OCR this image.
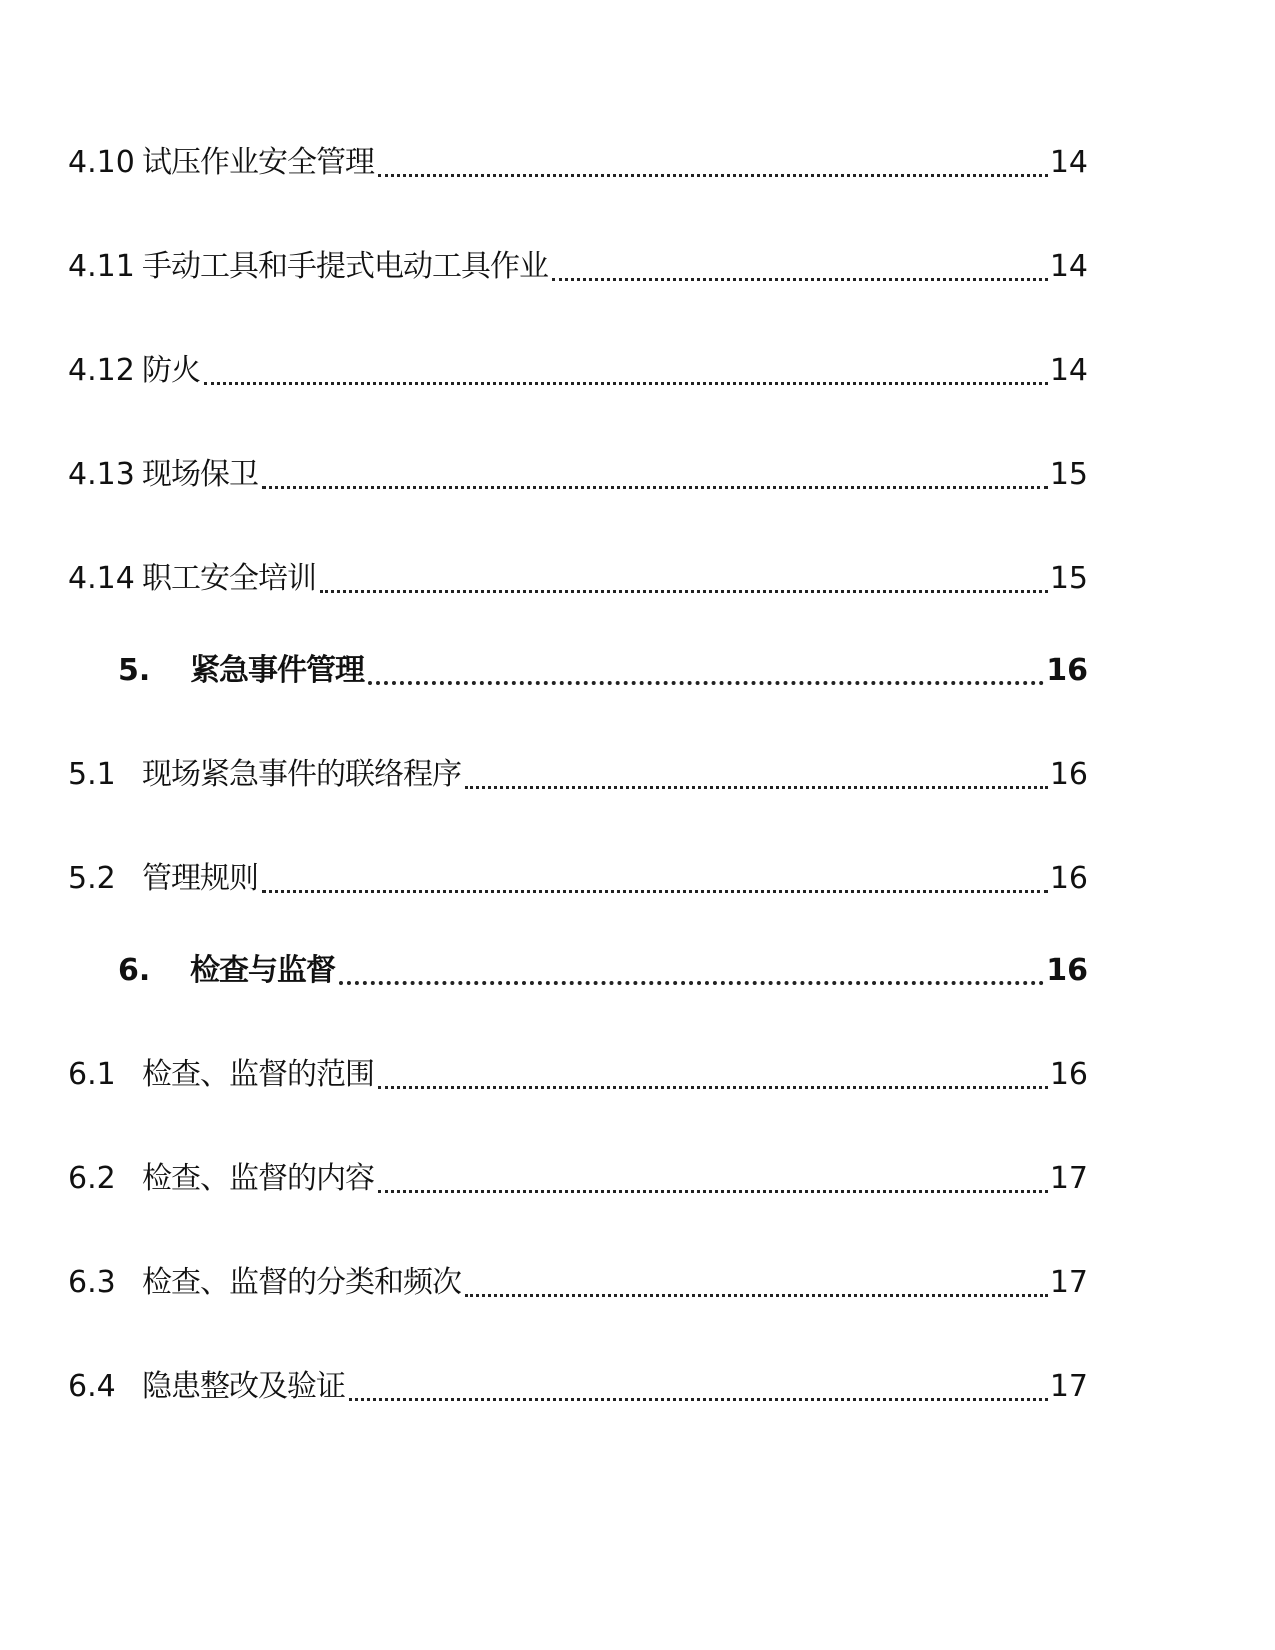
4.10 试压作业安全管理	14
4.11 手动工具和手提式电动工具作业	14
4.12 防火	14
4.13 现场保卫	15
4.14 职工安全培训	15
5.	紧急事件管理	16
5.1 现场紧急事件的联络程序	16
5.2 管理规则	16
6.	检查与监督	16
6.1 检查、监督的范围	16
6.2 检查、监督的内容	17
6.3 检查、监督的分类和频次	17
6.4 隐患整改及验证	17
